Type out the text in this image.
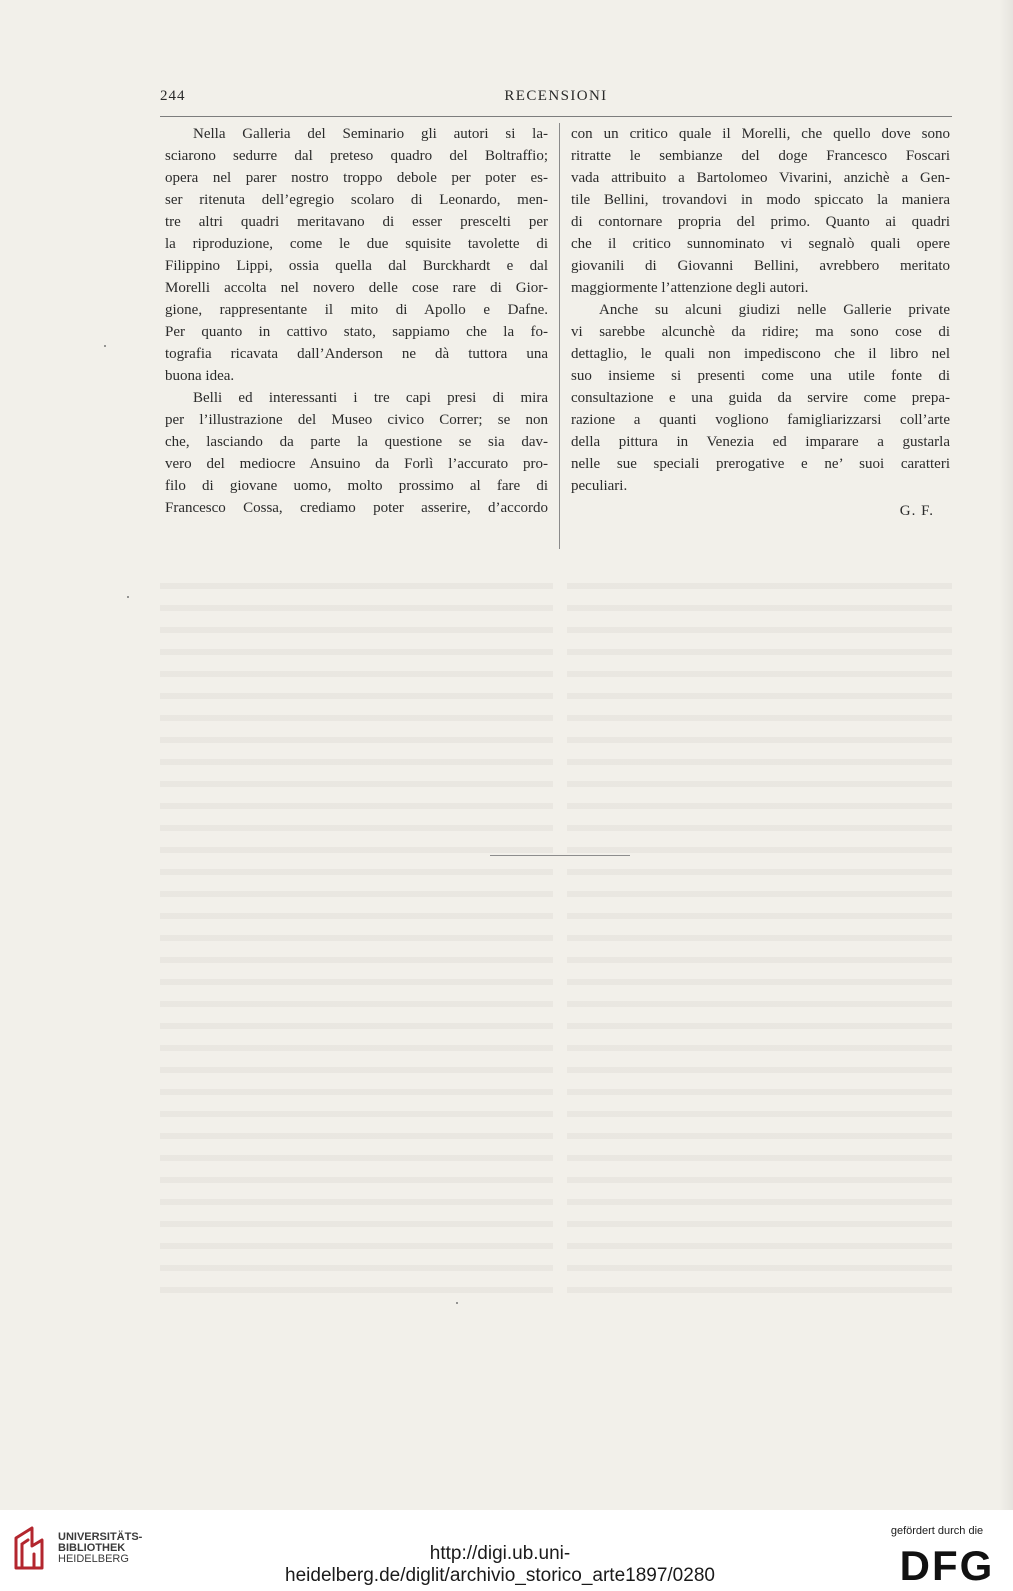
244	RECENSIONI
Nella Galleria del Seminario gli autori si la-
sciarono sedurre dal preteso quadro del Boltraffio;
opera nel parer nostro troppo debole per poter es-
ser ritenuta dell’egregio scolaro di Leonardo, men-
tre altri quadri meritavano di esser prescelti per
la riproduzione, come le due squisite tavolette di
Filippino Lippi, ossia quella dal Burckhardt e dal
Morelli accolta nel novero delle cose rare di Gior-
gione, rappresentante il mito di Apollo e Dafne.
Per quanto in cattivo stato, sappiamo che la fo-
tografia ricavata dall’Anderson ne dà tuttora una
buona idea.
Belli ed interessanti i tre capi presi di mira
per l’illustrazione del Museo civico Correr; se non
che, lasciando da parte la questione se sia dav-
vero del mediocre Ansuino da Forlì l’accurato pro-
filo di giovane uomo, molto prossimo al fare di
Francesco Cossa, crediamo poter asserire, d’accordo
con un critico quale il Morelli, che quello dove sono
ritratte le sembianze del doge Francesco Foscari
vada attribuito a Bartolomeo Vivarini, anzichè a Gen-
tile Bellini, trovandovi in modo spiccato la maniera
di contornare propria del primo. Quanto ai quadri
che il critico sunnominato vi segnalò quali opere
giovanili di Giovanni Bellini, avrebbero meritato
maggiormente l’attenzione degli autori.
Anche su alcuni giudizi nelle Gallerie private
vi sarebbe alcunchè da ridire; ma sono cose di
dettaglio, le quali non impediscono che il libro nel
suo insieme si presenti come una utile fonte di
consultazione e una guida da servire come prepa-
razione a quanti vogliono famigliarizzarsi coll’arte
della pittura in Venezia ed imparare a gustarla
nelle sue speciali prerogative e ne’ suoi caratteri
peculiari.
G. F.
UNIVERSITÄTS-
BIBLIOTHEK
HEIDELBERG	http://digi.ub.uni-heidelberg.de/diglit/archivio_storico_arte1897/0280
gefördert durch die
DFG
